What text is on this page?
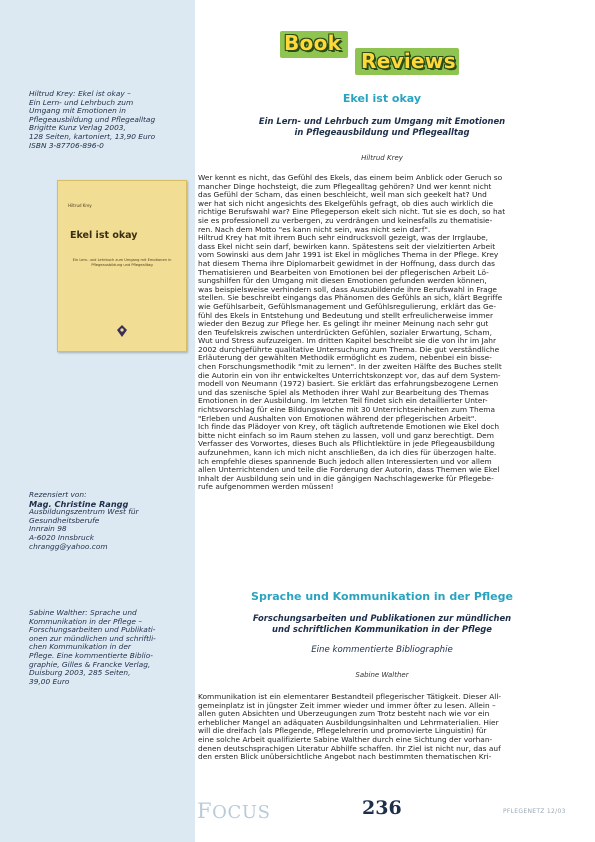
Hiltrud Krey: Ekel ist okay –
Ein Lern- und Lehrbuch zum
Umgang mit Emotionen in
Pflegeausbildung und Pflegealltag
Brigitte Kunz Verlag 2003,
128 Seiten, kartoniert, 13,90 Euro
ISBN 3-87706-896-0
Hiltrud Krey
Ekel ist okay
Ein Lern- und Lehrbuch zum Umgang mit Emotionen in Pflegeausbildung und Pflegealltag
Rezensiert von:
Mag. Christine Rangg
Ausbildungszentrum West für
Gesundheitsberufe
Innrain 98
A-6020 Innsbruck
chrangg@yahoo.com
Sabine Walther: Sprache und
Kommunikation in der Pflege –
Forschungsarbeiten und Publikati-
onen zur mündlichen und schriftli-
chen Kommunikation in der
Pflege. Eine kommentierte Biblio-
graphie, Gilles & Francke Verlag,
Duisburg 2003, 285 Seiten,
39,00 Euro
Book
Reviews
Ekel ist okay
Ein Lern- und Lehrbuch zum Umgang mit Emotionen
in Pflegeausbildung und Pflegealltag
Hiltrud Krey
Wer kennt es nicht, das Gefühl des Ekels, das einem beim Anblick oder Geruch so
mancher Dinge hochsteigt, die zum Pflegealltag gehören? Und wer kennt nicht
das Gefühl der Scham, das einen beschleicht, weil man sich geekelt hat? Und
wer hat sich nicht angesichts des Ekelgefühls gefragt, ob dies auch wirklich die
richtige Berufswahl war? Eine Pflegeperson ekelt sich nicht. Tut sie es doch, so hat
sie es professionell zu verbergen, zu verdrängen und keinesfalls zu thematisie-
ren. Nach dem Motto "es kann nicht sein, was nicht sein darf".
Hiltrud Krey hat mit ihrem Buch sehr eindrucksvoll gezeigt, was der Irrglaube,
dass Ekel nicht sein darf, bewirken kann. Spätestens seit der vielzitierten Arbeit
vom Sowinski aus dem Jahr 1991 ist Ekel in mögliches Thema in der Pflege. Krey
hat diesem Thema ihre Diplomarbeit gewidmet in der Hoffnung, dass durch das
Thematisieren und Bearbeiten von Emotionen bei der pflegerischen Arbeit Lö-
sungshilfen für den Umgang mit diesen Emotionen gefunden werden können,
was beispielsweise verhindern soll, dass Auszubildende ihre Berufswahl in Frage
stellen. Sie beschreibt eingangs das Phänomen des Gefühls an sich, klärt Begriffe
wie Gefühlsarbeit, Gefühlsmanagement und Gefühlsregulierung, erklärt das Ge-
fühl des Ekels in Entstehung und Bedeutung und stellt erfreulicherweise immer
wieder den Bezug zur Pflege her. Es gelingt ihr meiner Meinung nach sehr gut
den Teufelskreis zwischen unterdrückten Gefühlen, sozialer Erwartung, Scham,
Wut und Stress aufzuzeigen. Im dritten Kapitel beschreibt sie die von ihr im Jahr
2002 durchgeführte qualitative Untersuchung zum Thema. Die gut verständliche
Erläuterung der gewählten Methodik ermöglicht es zudem, nebenbei ein bisse-
chen Forschungsmethodik "mit zu lernen". In der zweiten Hälfte des Buches stellt
die Autorin ein von ihr entwickeltes Unterrichtskonzept vor, das auf dem System-
modell von Neumann (1972) basiert. Sie erklärt das erfahrungsbezogene Lernen
und das szenische Spiel als Methoden ihrer Wahl zur Bearbeitung des Themas
Emotionen in der Ausbildung. Im letzten Teil findet sich ein detaillierter Unter-
richtsvorschlag für eine Bildungswoche mit 30 Unterrichtseinheiten zum Thema
"Erleben und Aushalten von Emotionen während der pflegerischen Arbeit".
Ich finde das Plädoyer von Krey, oft täglich auftretende Emotionen wie Ekel doch
bitte nicht einfach so im Raum stehen zu lassen, voll und ganz berechtigt. Dem
Verfasser des Vorwortes, dieses Buch als Pflichtlektüre in jede Pflegeausbildung
aufzunehmen, kann ich mich nicht anschließen, da ich dies für überzogen halte.
Ich empfehle dieses spannende Buch jedoch allen Interessierten und vor allem
allen Unterrichtenden und teile die Forderung der Autorin, dass Themen wie Ekel
Inhalt der Ausbildung sein und in die gängigen Nachschlagewerke für Pflegebe-
rufe aufgenommen werden müssen!
Sprache und Kommunikation in der Pflege
Forschungsarbeiten und Publikationen zur mündlichen
und schriftlichen Kommunikation in der Pflege
Eine kommentierte Bibliographie
Sabine Walther
Kommunikation ist ein elementarer Bestandteil pflegerischer Tätigkeit. Dieser All-
gemeinplatz ist in jüngster Zeit immer wieder und immer öfter zu lesen. Allein –
allen guten Absichten und Überzeugungen zum Trotz besteht nach wie vor ein
erheblicher Mangel an adäquaten Ausbildungsinhalten und Lehrmaterialien. Hier
will die dreifach (als Pflegende, Pflegelehrerin und promovierte Linguistin) für
eine solche Arbeit qualifizierte Sabine Walther durch eine Sichtung der vorhan-
denen deutschsprachigen Literatur Abhilfe schaffen. Ihr Ziel ist nicht nur, das auf
den ersten Blick unübersichtliche Angebot nach bestimmten thematischen Kri-
FOCUS	236	PFLEGENETZ 12/03
